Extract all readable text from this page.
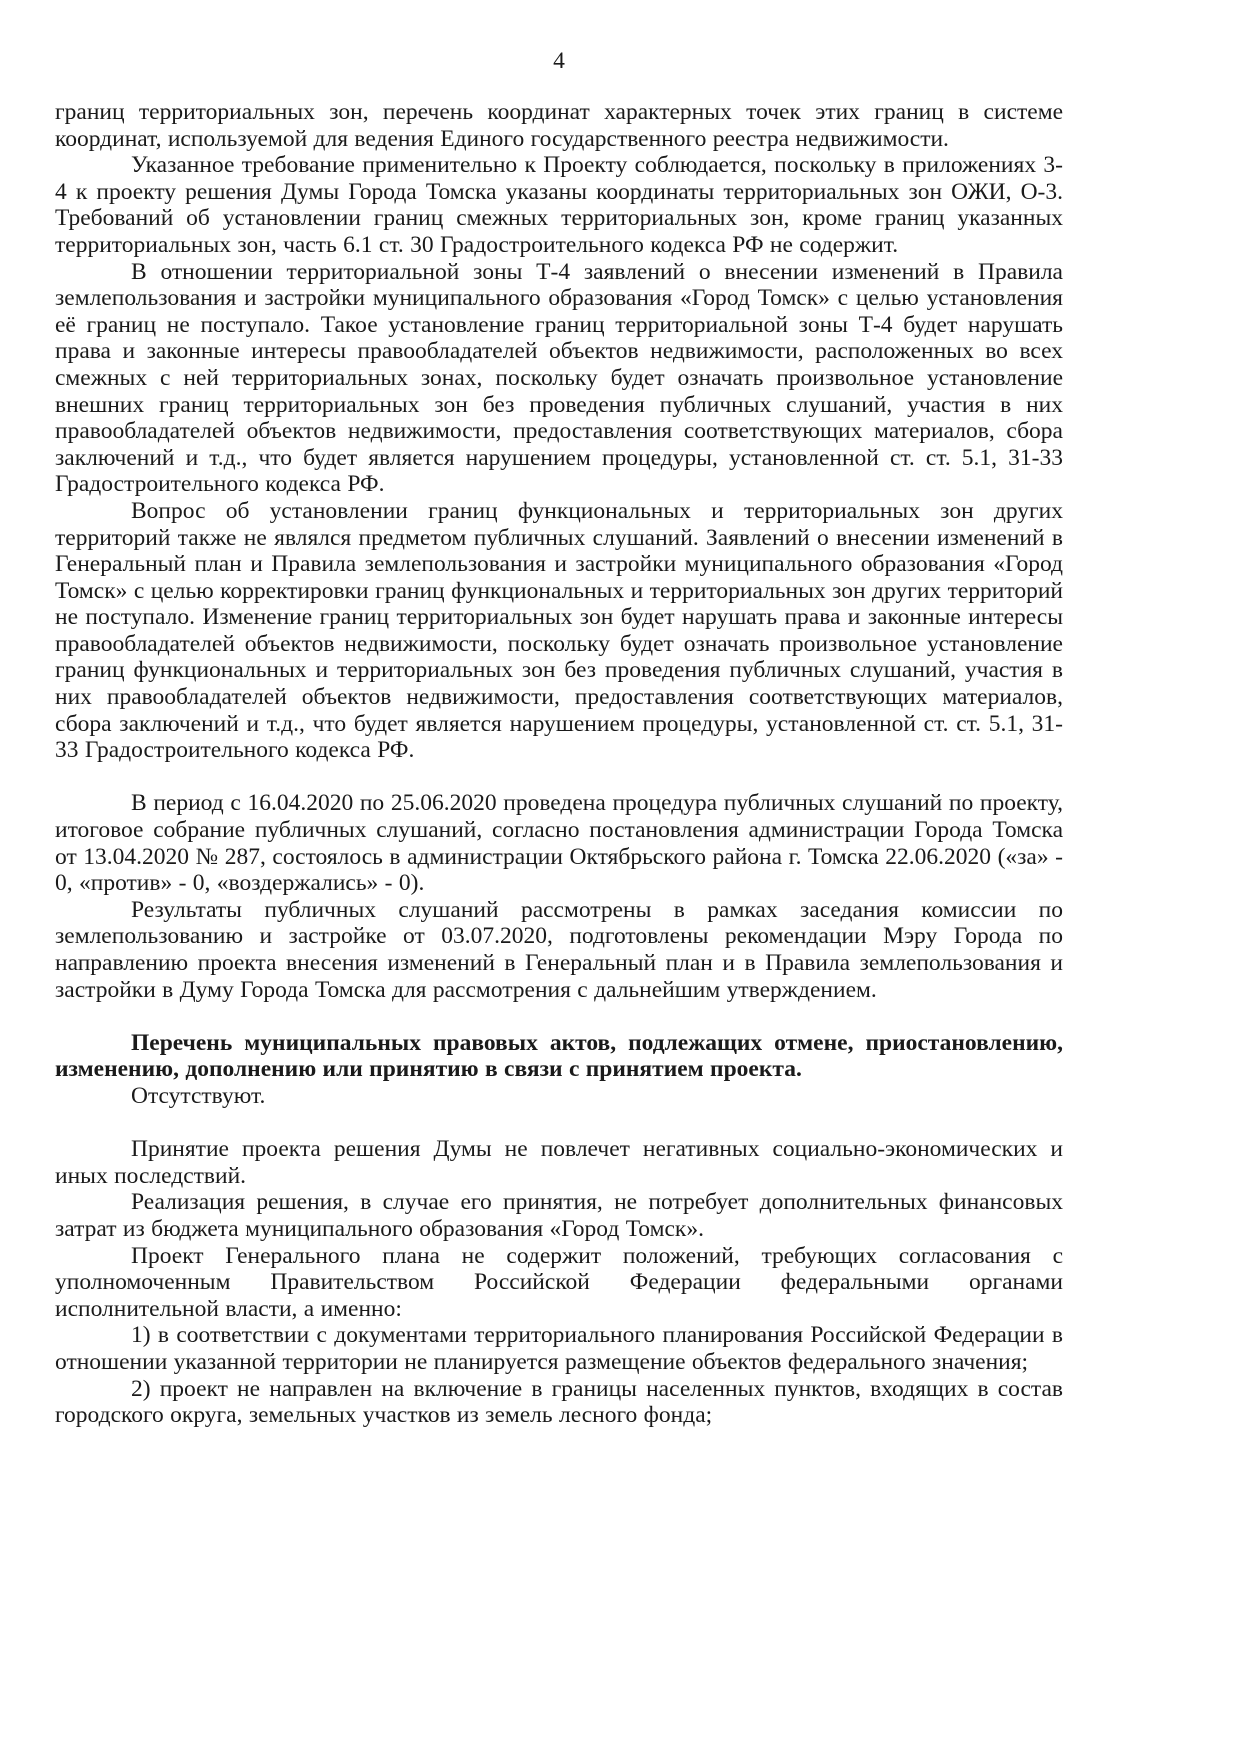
4

границ территориальных зон, перечень координат характерных точек этих границ в системе координат, используемой для ведения Единого государственного реестра недвижимости.

Указанное требование применительно к Проекту соблюдается, поскольку в приложениях 3-4 к проекту решения Думы Города Томска указаны координаты территориальных зон ОЖИ, О-3. Требований об установлении границ смежных территориальных зон, кроме границ указанных территориальных зон, часть 6.1 ст. 30 Градостроительного кодекса РФ не содержит.

В отношении территориальной зоны Т-4 заявлений о внесении изменений в Правила землепользования и застройки муниципального образования «Город Томск» с целью установления её границ не поступало. Такое установление границ территориальной зоны Т-4 будет нарушать права и законные интересы правообладателей объектов недвижимости, расположенных во всех смежных с ней территориальных зонах, поскольку будет означать произвольное установление внешних границ территориальных зон без проведения публичных слушаний, участия в них правообладателей объектов недвижимости, предоставления соответствующих материалов, сбора заключений и т.д., что будет является нарушением процедуры, установленной ст. ст. 5.1, 31-33 Градостроительного кодекса РФ.

Вопрос об установлении границ функциональных и территориальных зон других территорий также не являлся предметом публичных слушаний. Заявлений о внесении изменений в Генеральный план и Правила землепользования и застройки муниципального образования «Город Томск» с целью корректировки границ функциональных и территориальных зон других территорий не поступало. Изменение границ территориальных зон будет нарушать права и законные интересы правообладателей объектов недвижимости, поскольку будет означать произвольное установление границ функциональных и территориальных зон без проведения публичных слушаний, участия в них правообладателей объектов недвижимости, предоставления соответствующих материалов, сбора заключений и т.д., что будет является нарушением процедуры, установленной ст. ст. 5.1, 31-33 Градостроительного кодекса РФ.

В период с 16.04.2020 по 25.06.2020 проведена процедура публичных слушаний по проекту, итоговое собрание публичных слушаний, согласно постановления администрации Города Томска от 13.04.2020 № 287, состоялось в администрации Октябрьского района г. Томска 22.06.2020 («за» - 0, «против» - 0, «воздержались» - 0).

Результаты публичных слушаний рассмотрены в рамках заседания комиссии по землепользованию и застройке от 03.07.2020, подготовлены рекомендации Мэру Города по направлению проекта внесения изменений в Генеральный план и в Правила землепользования и застройки в Думу Города Томска для рассмотрения с дальнейшим утверждением.

Перечень муниципальных правовых актов, подлежащих отмене, приостановлению, изменению, дополнению или принятию в связи с принятием проекта.

Отсутствуют.

Принятие проекта решения Думы не повлечет негативных социально-экономических и иных последствий.

Реализация решения, в случае его принятия, не потребует дополнительных финансовых затрат из бюджета муниципального образования «Город Томск».

Проект Генерального плана не содержит положений, требующих согласования с уполномоченным Правительством Российской Федерации федеральными органами исполнительной власти, а именно:

1) в соответствии с документами территориального планирования Российской Федерации в отношении указанной территории не планируется размещение объектов федерального значения;

2) проект не направлен на включение в границы населенных пунктов, входящих в состав городского округа, земельных участков из земель лесного фонда;
